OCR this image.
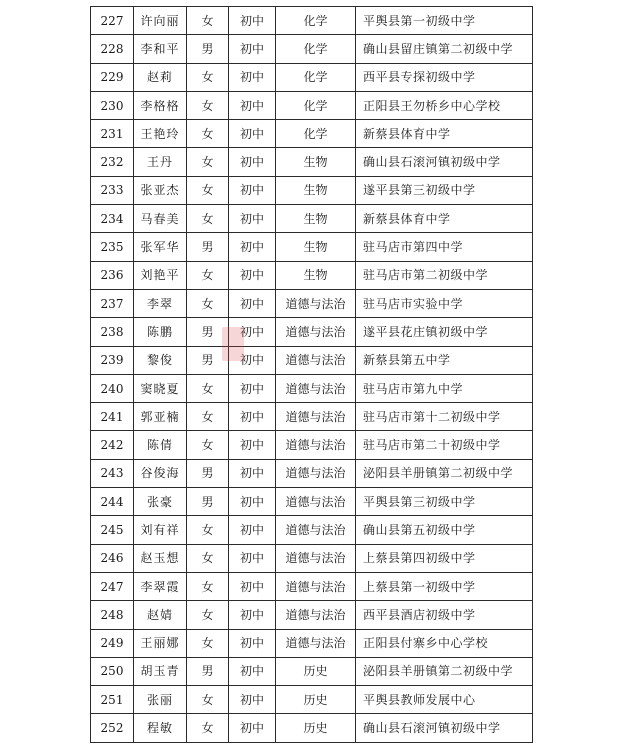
227	许向丽	女	初中	化学	平舆县第一初级中学
228	李和平	男	初中	化学	确山县留庄镇第二初级中学
229	赵莉	女	初中	化学	西平县专探初级中学
230	李格格	女	初中	化学	正阳县王勿桥乡中心学校
231	王艳玲	女	初中	化学	新蔡县体育中学
232	王丹	女	初中	生物	确山县石滚河镇初级中学
233	张亚杰	女	初中	生物	遂平县第三初级中学
234	马春美	女	初中	生物	新蔡县体育中学
235	张军华	男	初中	生物	驻马店市第四中学
236	刘艳平	女	初中	生物	驻马店市第二初级中学
237	李翠	女	初中	道德与法治	驻马店市实验中学
238	陈鹏	男	初中	道德与法治	遂平县花庄镇初级中学
239	黎俊	男	初中	道德与法治	新蔡县第五中学
240	窦晓夏	女	初中	道德与法治	驻马店市第九中学
241	郭亚楠	女	初中	道德与法治	驻马店市第十二初级中学
242	陈倩	女	初中	道德与法治	驻马店市第二十初级中学
243	谷俊海	男	初中	道德与法治	泌阳县羊册镇第二初级中学
244	张豪	男	初中	道德与法治	平舆县第三初级中学
245	刘有祥	女	初中	道德与法治	确山县第五初级中学
246	赵玉想	女	初中	道德与法治	上蔡县第四初级中学
247	李翠霞	女	初中	道德与法治	上蔡县第一初级中学
248	赵婧	女	初中	道德与法治	西平县酒店初级中学
249	王丽娜	女	初中	道德与法治	正阳县付寨乡中心学校
250	胡玉青	男	初中	历史	泌阳县羊册镇第二初级中学
251	张丽	女	初中	历史	平舆县教师发展中心
252	程敏	女	初中	历史	确山县石滚河镇初级中学
